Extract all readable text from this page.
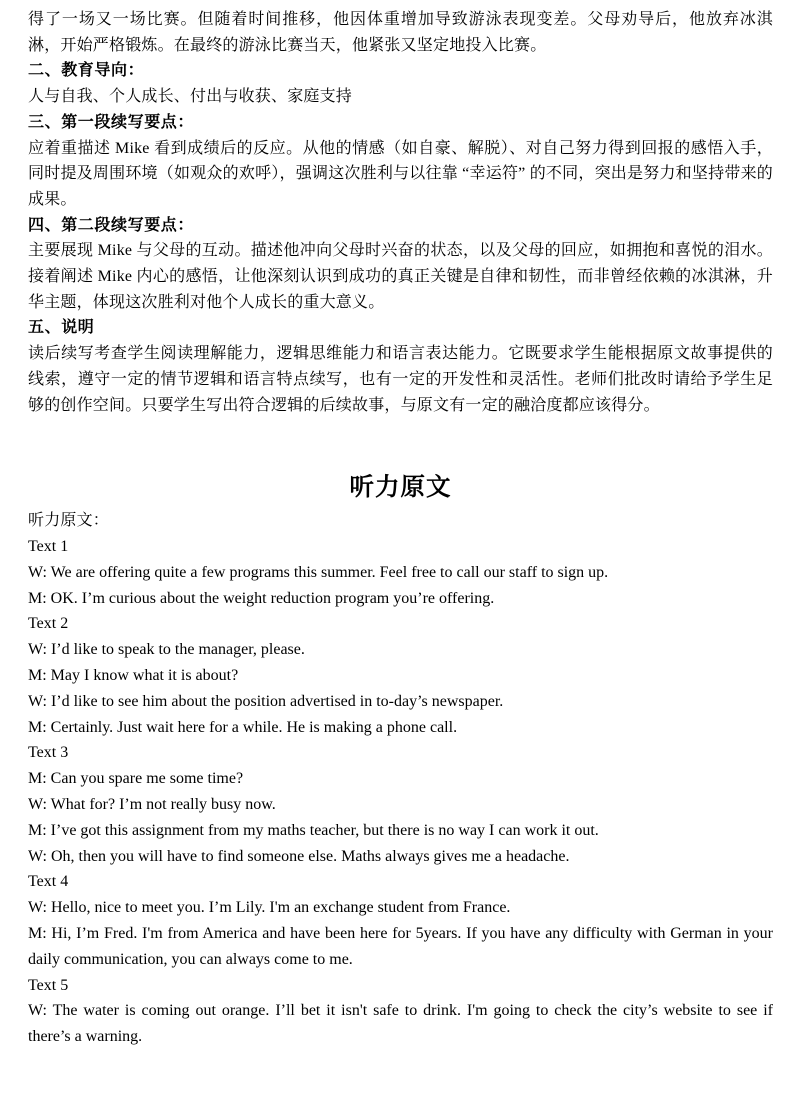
得了一场又一场比赛。但随着时间推移，他因体重增加导致游泳表现变差。父母劝导后，他放弃冰淇淋，开始严格锻炼。在最终的游泳比赛当天，他紧张又坚定地投入比赛。

二、教育导向：

人与自我、个人成长、付出与收获、家庭支持

三、第一段续写要点：

应着重描述 Mike 看到成绩后的反应。从他的情感（如自豪、解脱）、对自己努力得到回报的感悟入手，同时提及周围环境（如观众的欢呼），强调这次胜利与以往靠 “幸运符” 的不同，突出是努力和坚持带来的成果。

四、第二段续写要点：

主要展现 Mike 与父母的互动。描述他冲向父母时兴奋的状态，以及父母的回应，如拥抱和喜悦的泪水。接着阐述 Mike 内心的感悟，让他深刻认识到成功的真正关键是自律和韧性，而非曾经依赖的冰淇淋，升华主题，体现这次胜利对他个人成长的重大意义。

五、说明

读后续写考查学生阅读理解能力，逻辑思维能力和语言表达能力。它既要求学生能根据原文故事提供的线索，遵守一定的情节逻辑和语言特点续写，也有一定的开发性和灵活性。老师们批改时请给予学生足够的创作空间。只要学生写出符合逻辑的后续故事，与原文有一定的融洽度都应该得分。

听力原文

听力原文：

Text 1

W: We are offering quite a few programs this summer. Feel free to call our staff to sign up.

M: OK. I’m curious about the weight reduction program you’re offering.

Text 2

W: I’d like to speak to the manager, please.

M: May I know what it is about?

W: I’d like to see him about the position advertised in to-day’s newspaper.

M: Certainly. Just wait here for a while. He is making a phone call.

Text 3

M: Can you spare me some time?

W: What for? I’m not really busy now.

M: I’ve got this assignment from my maths teacher, but there is no way I can work it out.

W: Oh, then you will have to find someone else. Maths always gives me a headache.

Text 4

W: Hello, nice to meet you. I’m Lily. I'm an exchange student from France.

M: Hi, I’m Fred. I'm from America and have been here for 5years. If you have any difficulty with German in your daily communication, you can always come to me.

Text 5

W: The water is coming out orange. I’ll bet it isn't safe to drink. I'm going to check the city’s website to see if there’s a warning.
